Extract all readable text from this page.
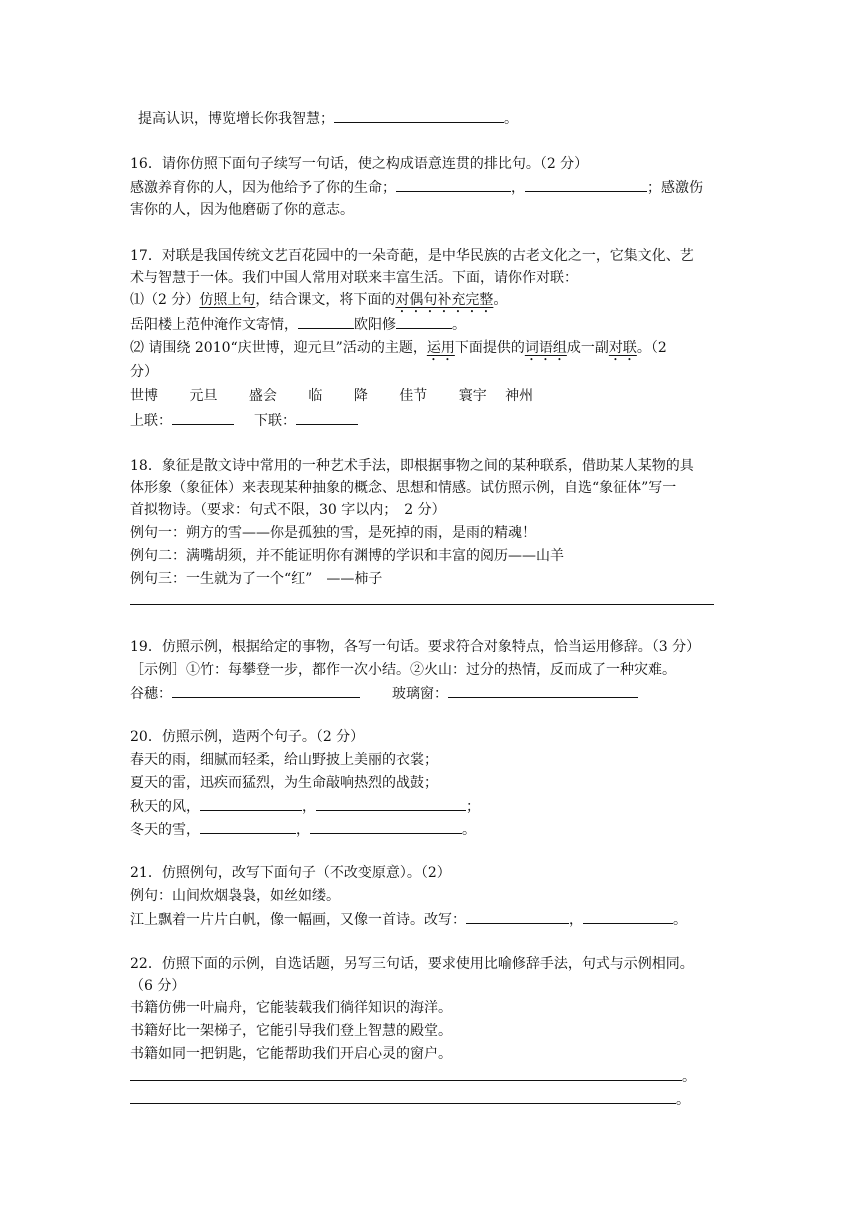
提高认识，博览增长你我智慧；	。
16．请你仿照下面句子续写一句话，使之构成语意连贯的排比句。（2 分）
感激养育你的人，因为他给予了你的生命；	，	；感激伤
害你的人，因为他磨砺了你的意志。
17．对联是我国传统文艺百花园中的一朵奇葩，是中华民族的古老文化之一，它集文化、艺
术与智慧于一体。我们中国人常用对联来丰富生活。下面，请你作对联：
⑴（2 分）仿照上句，结合课文，将下面的对偶句补充完整。
岳阳楼上范仲淹作文寄情，	欧阳修	。
⑵ 请围绕 2010“庆世博，迎元旦”活动的主题，运用下面提供的词语组成一副对联。（2
分）
世博 元旦 盛会 临 降 佳节 寰宇 神州
上联：	下联：
18．象征是散文诗中常用的一种艺术手法，即根据事物之间的某种联系，借助某人某物的具
体形象（象征体）来表现某种抽象的概念、思想和情感。试仿照示例，自选“象征体”写一
首拟物诗。（要求：句式不限，30 字以内；　2 分）
例句一：朔方的雪——你是孤独的雪，是死掉的雨，是雨的精魂！
例句二：满嘴胡须，并不能证明你有渊博的学识和丰富的阅历——山羊
例句三：一生就为了一个“红”　——柿子
19．仿照示例，根据给定的事物，各写一句话。要求符合对象特点，恰当运用修辞。（3 分）
［示例］①竹：每攀登一步，都作一次小结。②火山：过分的热情，反而成了一种灾难。
谷穗：	玻璃窗：
20．仿照示例，造两个句子。（2 分）
春天的雨，细腻而轻柔，给山野披上美丽的衣裳；
夏天的雷，迅疾而猛烈，为生命敲响热烈的战鼓；
秋天的风，	，	；
冬天的雪，	，	。
21．仿照例句，改写下面句子（不改变原意）。（2）
例句：山间炊烟袅袅，如丝如缕。
江上飘着一片片白帆，像一幅画，又像一首诗。改写：	，	。
22．仿照下面的示例，自选话题，另写三句话，要求使用比喻修辞手法，句式与示例相同。
（6 分）
书籍仿佛一叶扁舟，它能装载我们徜徉知识的海洋。
书籍好比一架梯子，它能引导我们登上智慧的殿堂。
书籍如同一把钥匙，它能帮助我们开启心灵的窗户。
。
。
